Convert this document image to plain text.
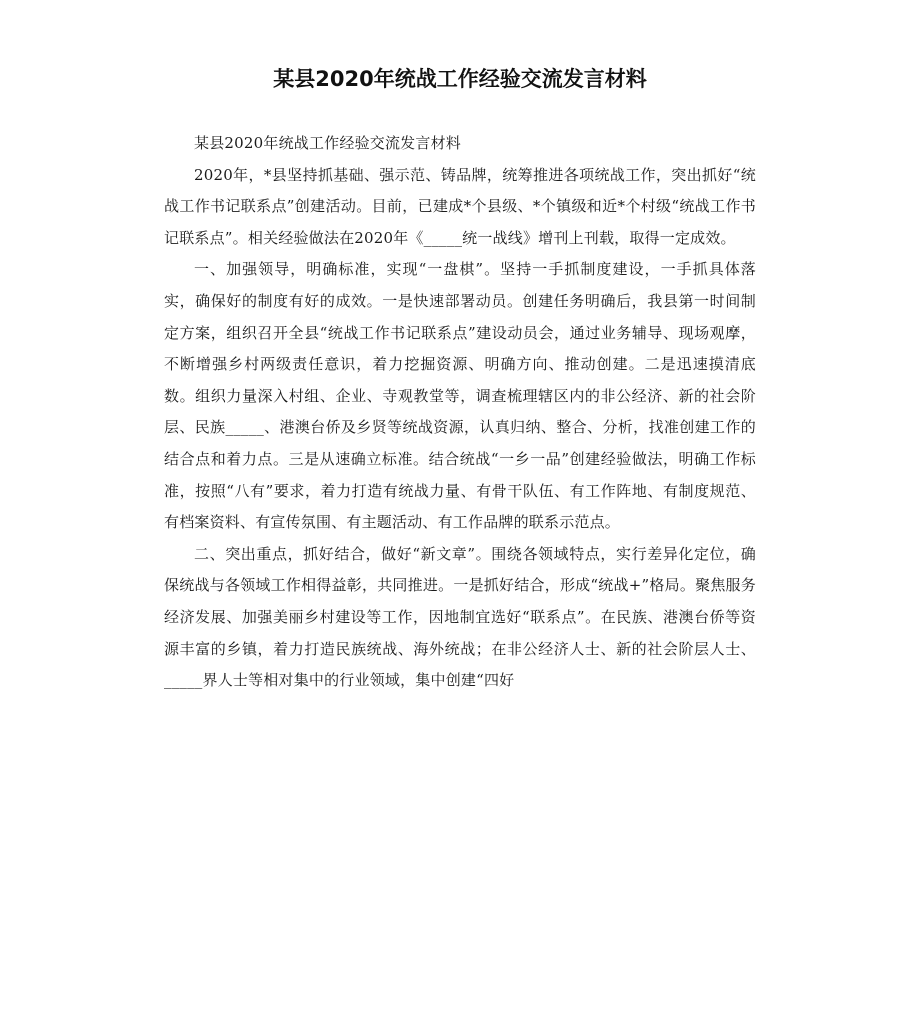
某县2020年统战工作经验交流发言材料

某县2020年统战工作经验交流发言材料

2020年，*县坚持抓基础、强示范、铸品牌，统筹推进各项统战工作，突出抓好“统战工作书记联系点”创建活动。目前，已建成*个县级、*个镇级和近*个村级“统战工作书记联系点”。相关经验做法在2020年《_____统一战线》增刊上刊载，取得一定成效。

一、加强领导，明确标准，实现“一盘棋”。坚持一手抓制度建设，一手抓具体落实，确保好的制度有好的成效。一是快速部署动员。创建任务明确后，我县第一时间制定方案，组织召开全县“统战工作书记联系点”建设动员会，通过业务辅导、现场观摩，不断增强乡村两级责任意识，着力挖掘资源、明确方向、推动创建。二是迅速摸清底数。组织力量深入村组、企业、寺观教堂等，调查梳理辖区内的非公经济、新的社会阶层、民族_____、港澳台侨及乡贤等统战资源，认真归纳、整合、分析，找准创建工作的结合点和着力点。三是从速确立标准。结合统战“一乡一品”创建经验做法，明确工作标准，按照“八有”要求，着力打造有统战力量、有骨干队伍、有工作阵地、有制度规范、有档案资料、有宣传氛围、有主题活动、有工作品牌的联系示范点。

二、突出重点，抓好结合，做好“新文章”。围绕各领域特点，实行差异化定位，确保统战与各领域工作相得益彰，共同推进。一是抓好结合，形成“统战+”格局。聚焦服务经济发展、加强美丽乡村建设等工作，因地制宜选好“联系点”。在民族、港澳台侨等资源丰富的乡镇，着力打造民族统战、海外统战；在非公经济人士、新的社会阶层人士、_____界人士等相对集中的行业领域，集中创建“四好
